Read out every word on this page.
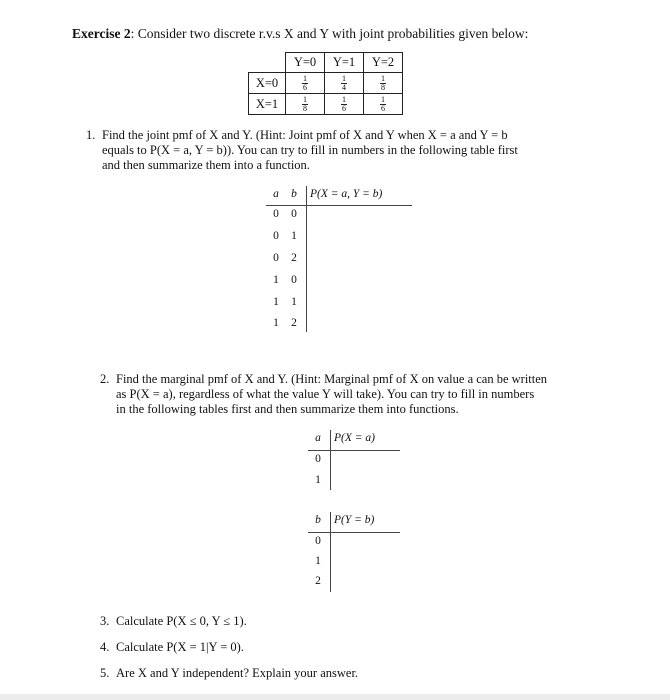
Exercise 2: Consider two discrete r.v.s X and Y with joint probabilities given below:
	Y=0	Y=1	Y=2
X=0	$\frac{1}{6}$	$\frac{1}{4}$	$\frac{1}{8}$

X=1	$\frac{1}{8}$	$\frac{1}{6}$	$\frac{1}{6}$
1. Find the joint pmf of X and Y. (Hint: Joint pmf of X and Y when X = a and Y = b
equals to P(X = a, Y = b)). You can try to fill in numbers in the following table first
and then summarize them into a function.
a b P(X = a, Y = b)
0 0
0 1
0 2
1 0
1 1
1 2
2. Find the marginal pmf of X and Y. (Hint: Marginal pmf of X on value a can be written
as P(X = a), regardless of what the value Y will take). You can try to fill in numbers
in the following tables first and then summarize them into functions.
a P(X = a)
0
1
b P(Y = b)
0
1
2
3. Calculate P(X ≤ 0, Y ≤ 1).
4. Calculate P(X = 1|Y = 0).
5. Are X and Y independent? Explain your answer.
